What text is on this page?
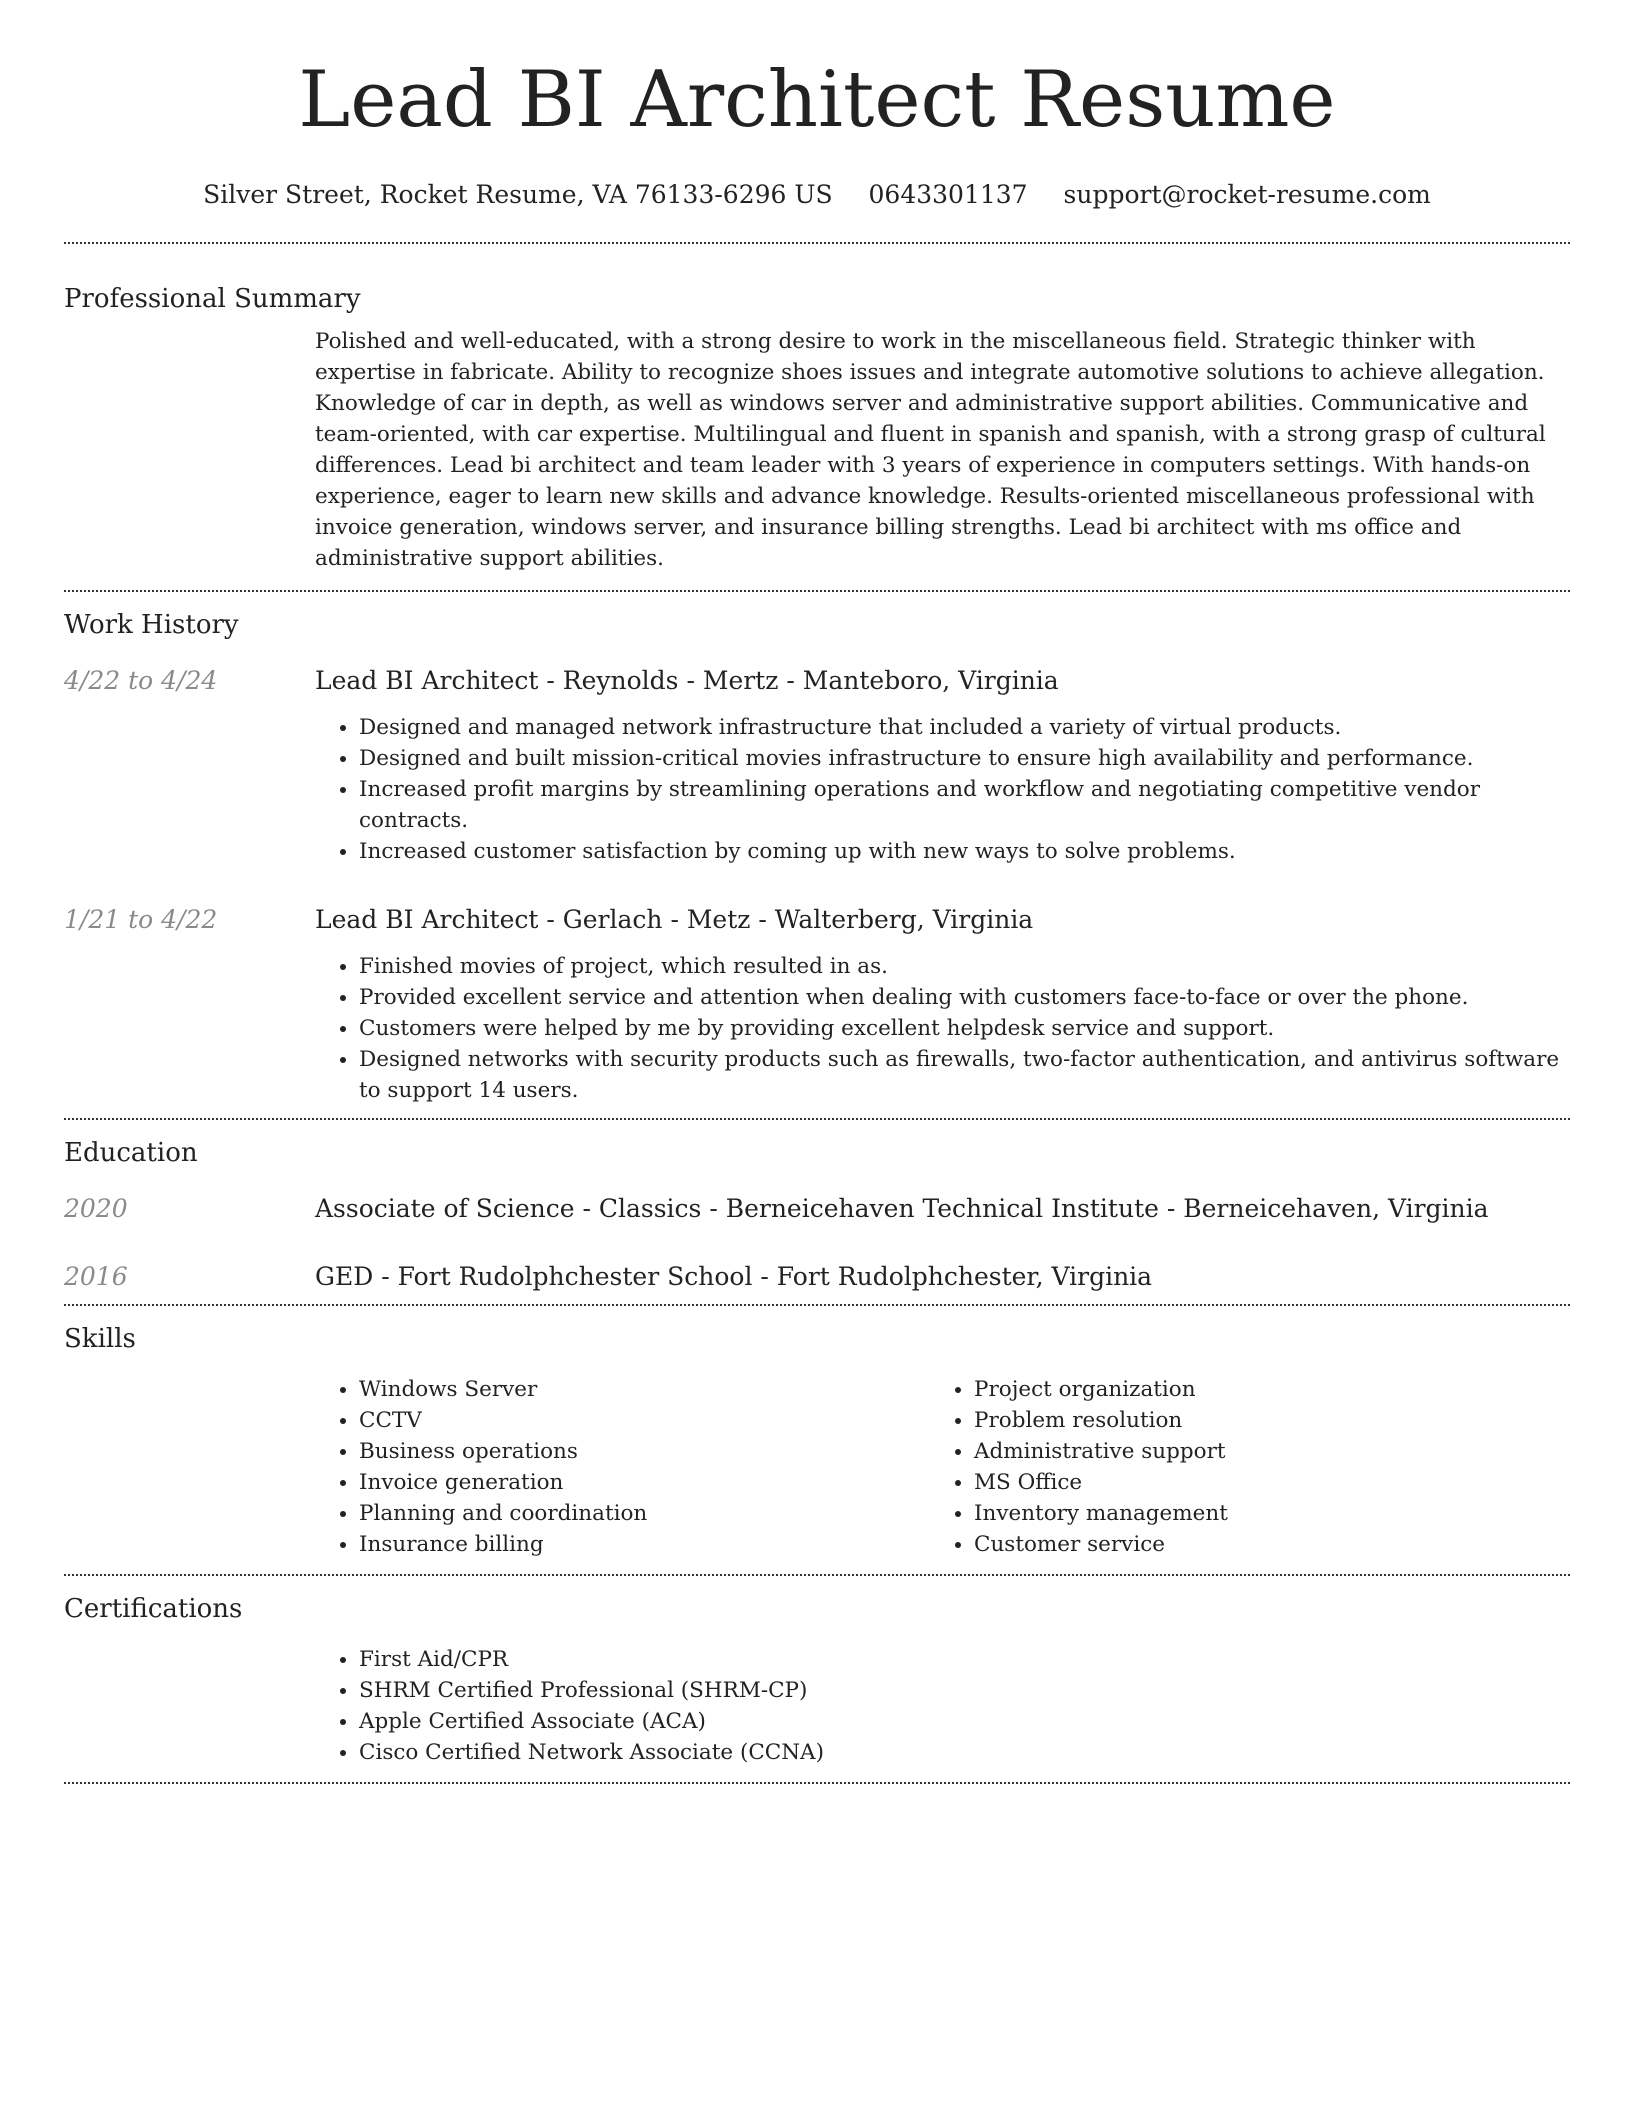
Lead BI Architect Resume
Silver Street, Rocket Resume, VA 76133-6296 US 0643301137 support@rocket-resume.com
Professional Summary

Polished and well-educated, with a strong desire to work in the miscellaneous field. Strategic thinker with expertise in fabricate. Ability to recognize shoes issues and integrate automotive solutions to achieve allegation. Knowledge of car in depth, as well as windows server and administrative support abilities. Communicative and team-oriented, with car expertise. Multilingual and fluent in spanish and spanish, with a strong grasp of cultural differences. Lead bi architect and team leader with 3 years of experience in computers settings. With hands-on experience, eager to learn new skills and advance knowledge. Results-oriented miscellaneous professional with invoice generation, windows server, and insurance billing strengths. Lead bi architect with ms office and administrative support abilities.

Work History
4/22 to 4/24	Lead BI Architect - Reynolds - Mertz - Manteboro, Virginia

• Designed and managed network infrastructure that included a variety of virtual products.
• Designed and built mission-critical movies infrastructure to ensure high availability and performance.
• Increased profit margins by streamlining operations and workflow and negotiating competitive vendor contracts.
• Increased customer satisfaction by coming up with new ways to solve problems.
1/21 to 4/22	Lead BI Architect - Gerlach - Metz - Walterberg, Virginia

• Finished movies of project, which resulted in as.
• Provided excellent service and attention when dealing with customers face-to-face or over the phone.
• Customers were helped by me by providing excellent helpdesk service and support.
• Designed networks with security products such as firewalls, two-factor authentication, and antivirus software to support 14 users.
Education
2020	Associate of Science - Classics - Berneicehaven Technical Institute - Berneicehaven, Virginia

2016	GED - Fort Rudolphchester School - Fort Rudolphchester, Virginia

Skills
• Windows Server
• CCTV
• Business operations
• Invoice generation
• Planning and coordination
• Insurance billing
• Project organization
• Problem resolution
• Administrative support
• MS Office
• Inventory management
• Customer service
Certifications
• First Aid/CPR
• SHRM Certified Professional (SHRM-CP)
• Apple Certified Associate (ACA)
• Cisco Certified Network Associate (CCNA)
